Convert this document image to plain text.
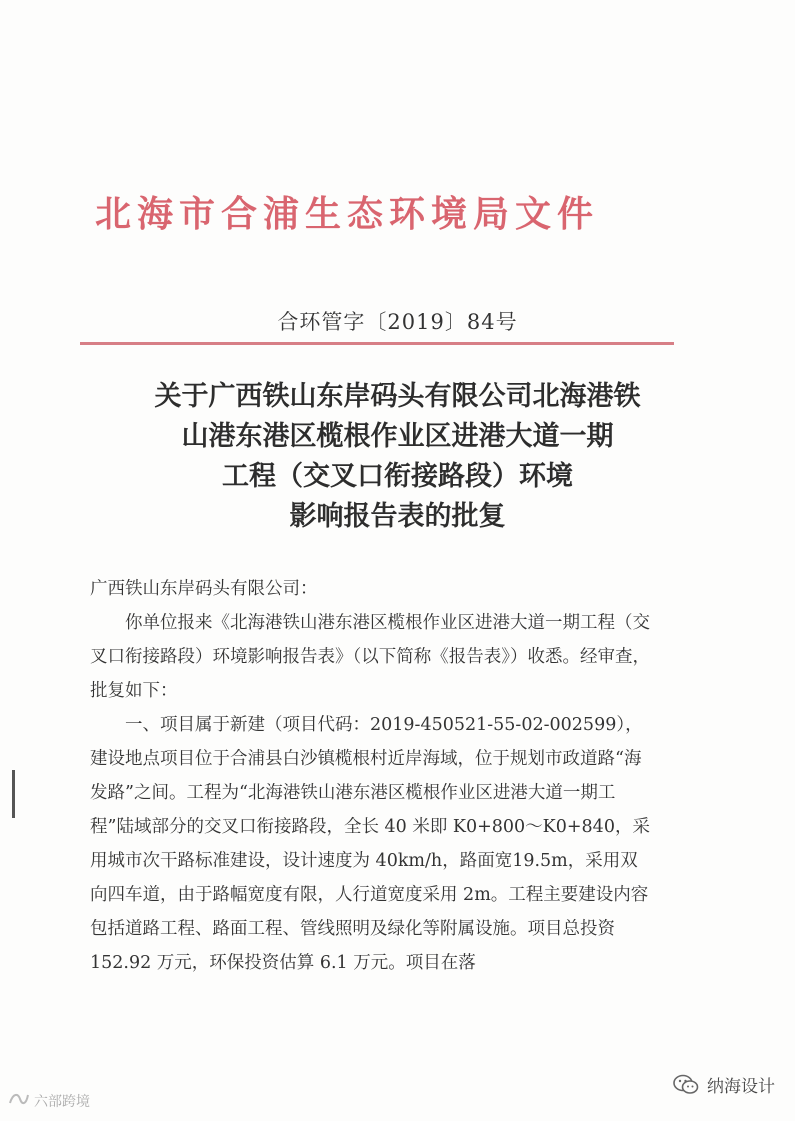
北海市合浦生态环境局文件
合环管字〔2019〕84号
关于广西铁山东岸码头有限公司北海港铁
山港东港区榄根作业区进港大道一期
工程（交叉口衔接路段）环境
影响报告表的批复

广西铁山东岸码头有限公司：

你单位报来《北海港铁山港东港区榄根作业区进港大道一期工程（交叉口衔接路段）环境影响报告表》（以下简称《报告表》）收悉。经审查，批复如下：

一、项目属于新建（项目代码：2019-450521-55-02-002599），建设地点项目位于合浦县白沙镇榄根村近岸海域，位于规划市政道路“海发路”之间。工程为“北海港铁山港东港区榄根作业区进港大道一期工程”陆域部分的交叉口衔接路段，全长 40 米即 K0+800～K0+840，采用城市次干路标准建设，设计速度为 40km/h，路面宽19.5m，采用双向四车道，由于路幅宽度有限，人行道宽度采用 2m。工程主要建设内容包括道路工程、路面工程、管线照明及绿化等附属设施。项目总投资 152.92 万元，环保投资估算 6.1 万元。项目在落

六部跨境
纳海设计
